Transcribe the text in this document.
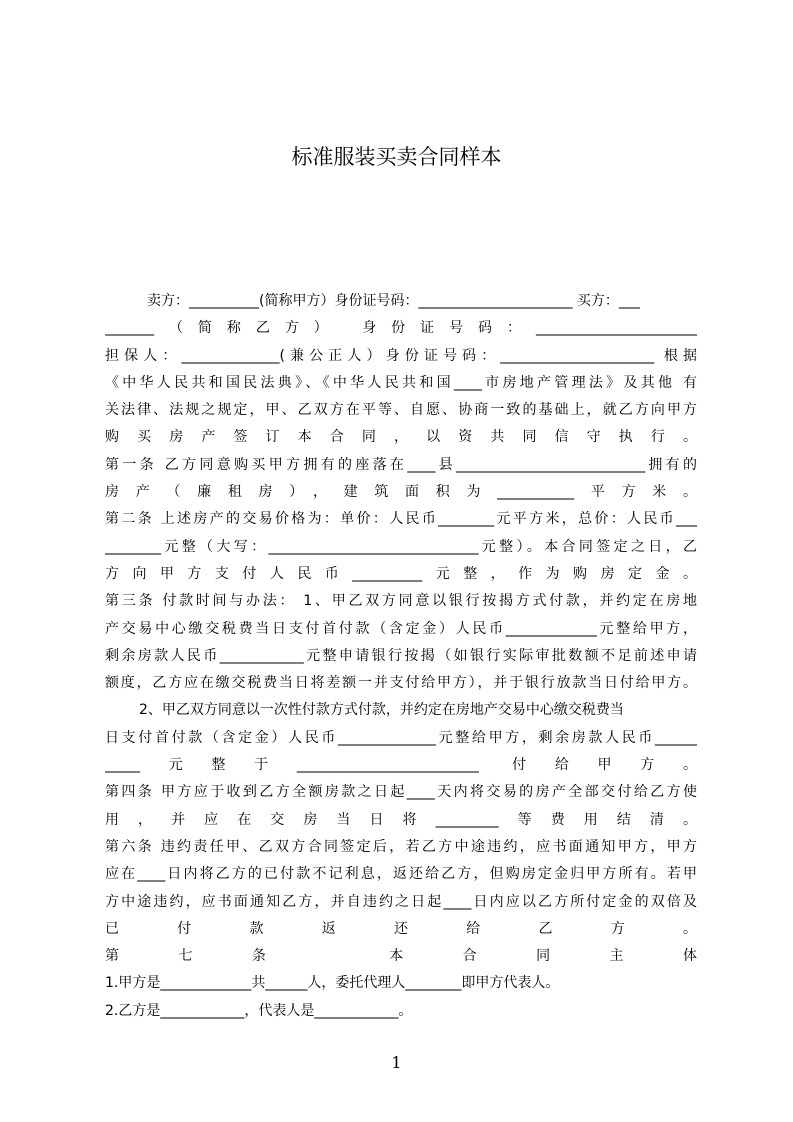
标准服装买卖合同样本
卖方：__________(简称甲方）身份证号码：______________________ 买方：___
_______（简称乙方） 身份证号码：_______________________
担保人：______________(兼公正人）身份证号码：______________________ 根据
《中华人民共和国民法典》、《中华人民共和国____市房地产管理法》及其他 有
关法律、法规之规定，甲、乙双方在平等、自愿、协商一致的基础上，就乙方向甲方
购买房产签订本合同，以资共同信守执行。
第一条 乙方同意购买甲方拥有的座落在____县___________________________拥有的
房产（廉租房），建筑面积为___________平方米。
第二条 上述房产的交易价格为：单价：人民币________元平方米，总价：人民币___
________元整（大写：______________________________元整）。本合同签定之日，乙
方向甲方支付人民币__________元整，作为购房定金。
第三条 付款时间与办法： 1、甲乙双方同意以银行按揭方式付款，并约定在房地
产交易中心缴交税费当日支付首付款（含定金）人民币_____________元整给甲方，
剩余房款人民币____________元整申请银行按揭（如银行实际审批数额不足前述申请
额度，乙方应在缴交税费当日将差额一并支付给甲方），并于银行放款当日付给甲方。
2、甲乙双方同意以一次性付款方式付款，并约定在房地产交易中心缴交税费当
日支付首付款（含定金）人民币______________元整给甲方，剩余房款人民币______
_____元整于__________________________ 付给甲方。
第四条 甲方应于收到乙方全额房款之日起____天内将交易的房产全部交付给乙方使
用，并应在交房当日将_________等费用结清。
第六条 违约责任甲、乙双方合同签定后，若乙方中途违约，应书面通知甲方，甲方
应在____日内将乙方的已付款不记利息，返还给乙方，但购房定金归甲方所有。若甲
方中途违约，应书面通知乙方，并自违约之日起____日内应以乙方所付定金的双倍及
已付款返还给乙方。
第七条 本合同主体
1.甲方是_____________共______人，委托代理人________即甲方代表人。
2.乙方是____________，代表人是____________。
1
